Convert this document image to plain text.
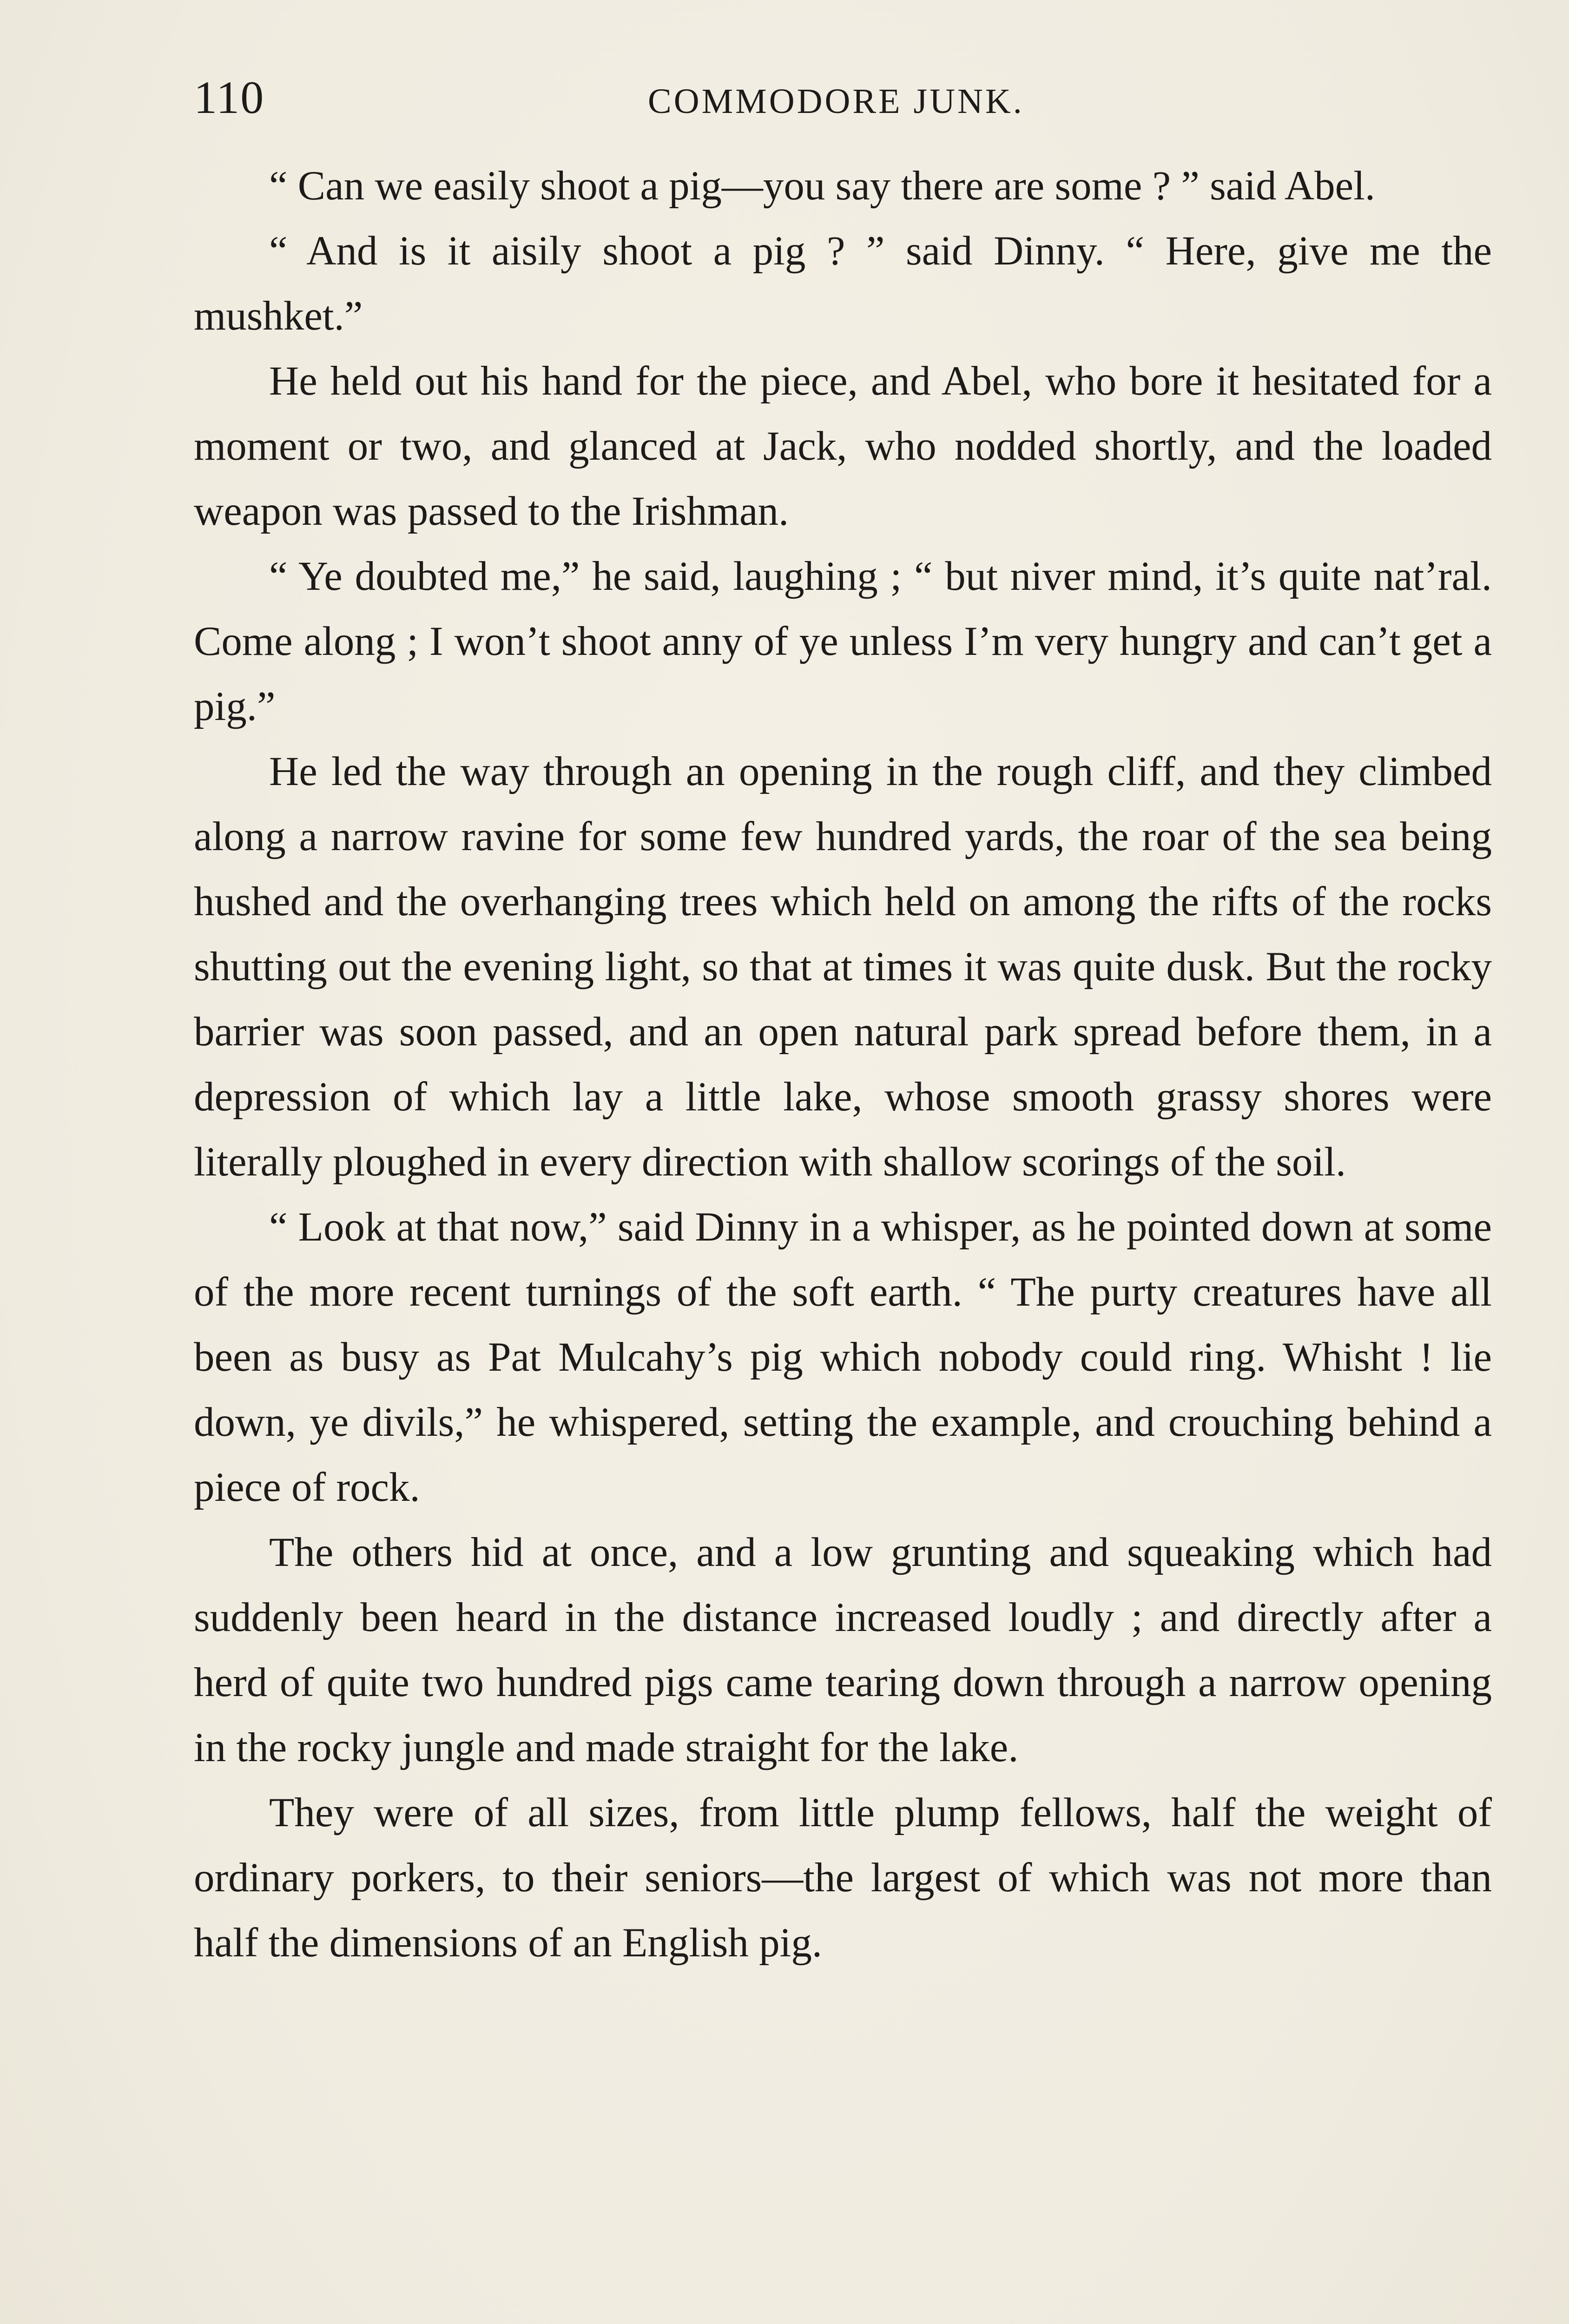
110	COMMODORE JUNK.

“ Can we easily shoot a pig—you say there are some ? ” said Abel.

“ And is it aisily shoot a pig ? ” said Dinny. “ Here, give me the mushket.”

He held out his hand for the piece, and Abel, who bore it hesitated for a moment or two, and glanced at Jack, who nodded shortly, and the loaded weapon was passed to the Irishman.

“ Ye doubted me,” he said, laughing ; “ but niver mind, it’s quite nat’ral. Come along ; I won’t shoot anny of ye unless I’m very hungry and can’t get a pig.”

He led the way through an opening in the rough cliff, and they climbed along a narrow ravine for some few hundred yards, the roar of the sea being hushed and the overhanging trees which held on among the rifts of the rocks shutting out the evening light, so that at times it was quite dusk. But the rocky barrier was soon passed, and an open natural park spread before them, in a depression of which lay a little lake, whose smooth grassy shores were literally ploughed in every direction with shallow scorings of the soil.

“ Look at that now,” said Dinny in a whisper, as he pointed down at some of the more recent turnings of the soft earth. “ The purty creatures have all been as busy as Pat Mulcahy’s pig which nobody could ring. Whisht ! lie down, ye divils,” he whispered, setting the example, and crouching behind a piece of rock.

The others hid at once, and a low grunting and squeaking which had suddenly been heard in the distance increased loudly ; and directly after a herd of quite two hundred pigs came tearing down through a narrow opening in the rocky jungle and made straight for the lake.

They were of all sizes, from little plump fellows, half the weight of ordinary porkers, to their seniors—the largest of which was not more than half the dimensions of an English pig.
